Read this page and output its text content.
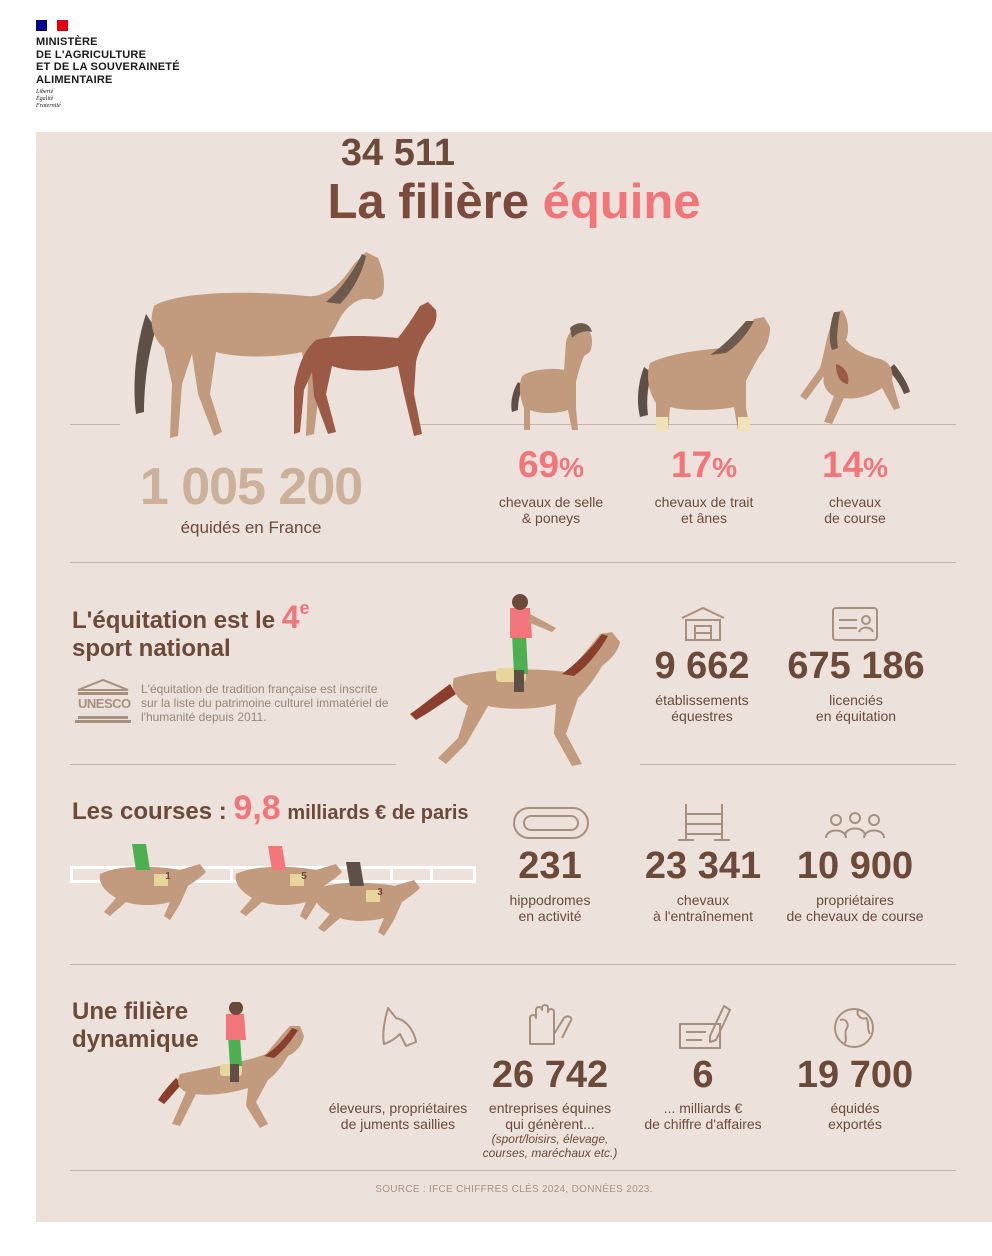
MINISTÈRE
DE L'AGRICULTURE
ET DE LA SOUVERAINETÉ
ALIMENTAIRE
Liberté
Égalité
Fraternité
La filière équine
1 005 200
équidés en France
69%
chevaux de selle
& poneys
17%
chevaux de trait
et ânes
14%
chevaux
de course
L'équitation est le 4e
sport national
UNESCO
L'équitation de tradition française est inscrite sur la liste du patrimoine culturel immatériel de l'humanité depuis 2011.
9 662
établissements
équestres
675 186
licenciés
en équitation
Les courses : 9,8 milliards € de paris
1	5
3
231
hippodromes
en activité
23 341
chevaux
à l'entraînement
10 900
propriétaires
de chevaux de course
Une filière
dynamique
34 511
éleveurs, propriétaires
de juments saillies
26 742
entreprises équines
qui génèrent...
(sport/loisirs, élevage, courses, maréchaux etc.)
6
... milliards €
de chiffre d'affaires
19 700
équidés
exportés
SOURCE : IFCE CHIFFRES CLÉS 2024, DONNÉES 2023.
